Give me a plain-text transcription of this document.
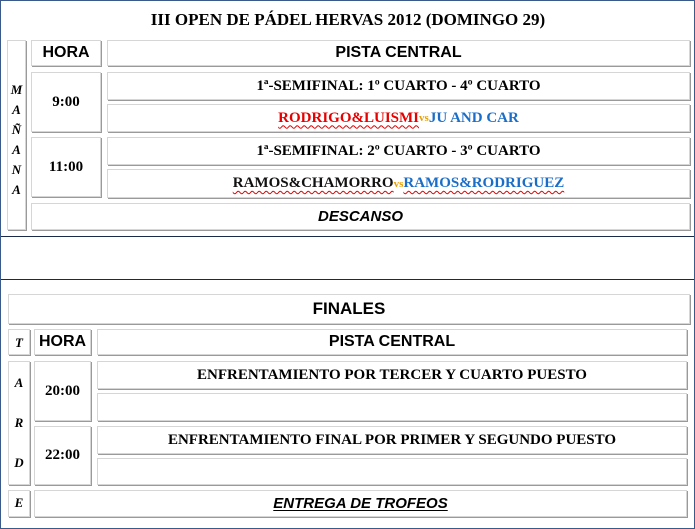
III OPEN DE PÁDEL HERVAS 2012 (DOMINGO 29)
M
A
Ñ
A
N
A
HORA	PISTA CENTRAL
9:00
1ª-SEMIFINAL: 1º CUARTO - 4º CUARTO
RODRIGO&LUISMI vs JU AND CAR
11:00
1ª-SEMIFINAL: 2º CUARTO - 3º CUARTO
RAMOS&CHAMORRO vs RAMOS&RODRIGUEZ
DESCANSO
FINALES
T
A
R
D
E
HORA	PISTA CENTRAL
20:00
ENFRENTAMIENTO POR TERCER Y CUARTO PUESTO
22:00
ENFRENTAMIENTO FINAL POR PRIMER Y SEGUNDO PUESTO
ENTREGA DE TROFEOS
